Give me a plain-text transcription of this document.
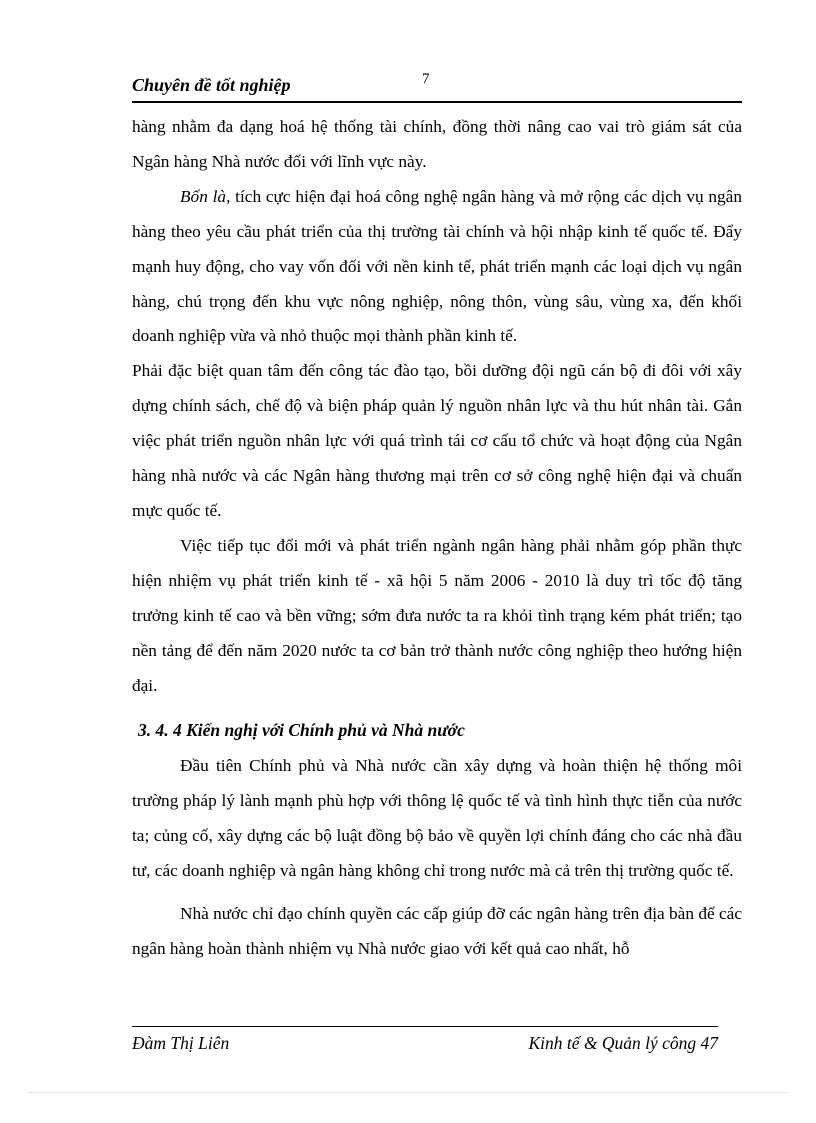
Chuyên đề tốt nghiệp	7

hàng nhằm đa dạng hoá hệ thống tài chính, đồng thời nâng cao vai trò giám sát của Ngân hàng Nhà nước đối với lĩnh vực này.

Bốn là, tích cực hiện đại hoá công nghệ ngân hàng và mở rộng các dịch vụ ngân hàng theo yêu cầu phát triển của thị trường tài chính và hội nhập kinh tế quốc tế. Đẩy mạnh huy động, cho vay vốn đối với nền kinh tế, phát triển mạnh các loại dịch vụ ngân hàng, chú trọng đến khu vực nông nghiệp, nông thôn, vùng sâu, vùng xa, đến khối doanh nghiệp vừa và nhỏ thuộc mọi thành phần kinh tế.

Phải đặc biệt quan tâm đến công tác đào tạo, bồi dưỡng đội ngũ cán bộ đi đôi với xây dựng chính sách, chế độ và biện pháp quản lý nguồn nhân lực và thu hút nhân tài. Gắn việc phát triển nguồn nhân lực với quá trình tái cơ cấu tổ chức và hoạt động của Ngân hàng nhà nước và các Ngân hàng thương mại trên cơ sở công nghệ hiện đại và chuẩn mực quốc tế.

Việc tiếp tục đổi mới và phát triển ngành ngân hàng phải nhằm góp phần thực hiện nhiệm vụ phát triển kinh tế - xã hội 5 năm 2006 - 2010 là duy trì tốc độ tăng trưởng kinh tế cao và bền vững; sớm đưa nước ta ra khỏi tình trạng kém phát triển; tạo nền tảng để đến năm 2020 nước ta cơ bản trở thành nước công nghiệp theo hướng hiện đại.

3. 4. 4 Kiến nghị với Chính phủ và Nhà nước

Đầu tiên Chính phủ và Nhà nước cần xây dựng và hoàn thiện hệ thống môi trường pháp lý lành mạnh phù hợp với thông lệ quốc tế và tình hình thực tiễn của nước ta; củng cố, xây dựng các bộ luật đồng bộ bảo về quyền lợi chính đáng cho các nhà đầu tư, các doanh nghiệp và ngân hàng không chỉ trong nước mà cả trên thị trường quốc tế.

Nhà nước chỉ đạo chính quyền các cấp giúp đỡ các ngân hàng trên địa bàn để các ngân hàng hoàn thành nhiệm vụ Nhà nước giao với kết quả cao nhất, hỗ

Đàm Thị Liên	Kinh tế & Quản lý công 47
